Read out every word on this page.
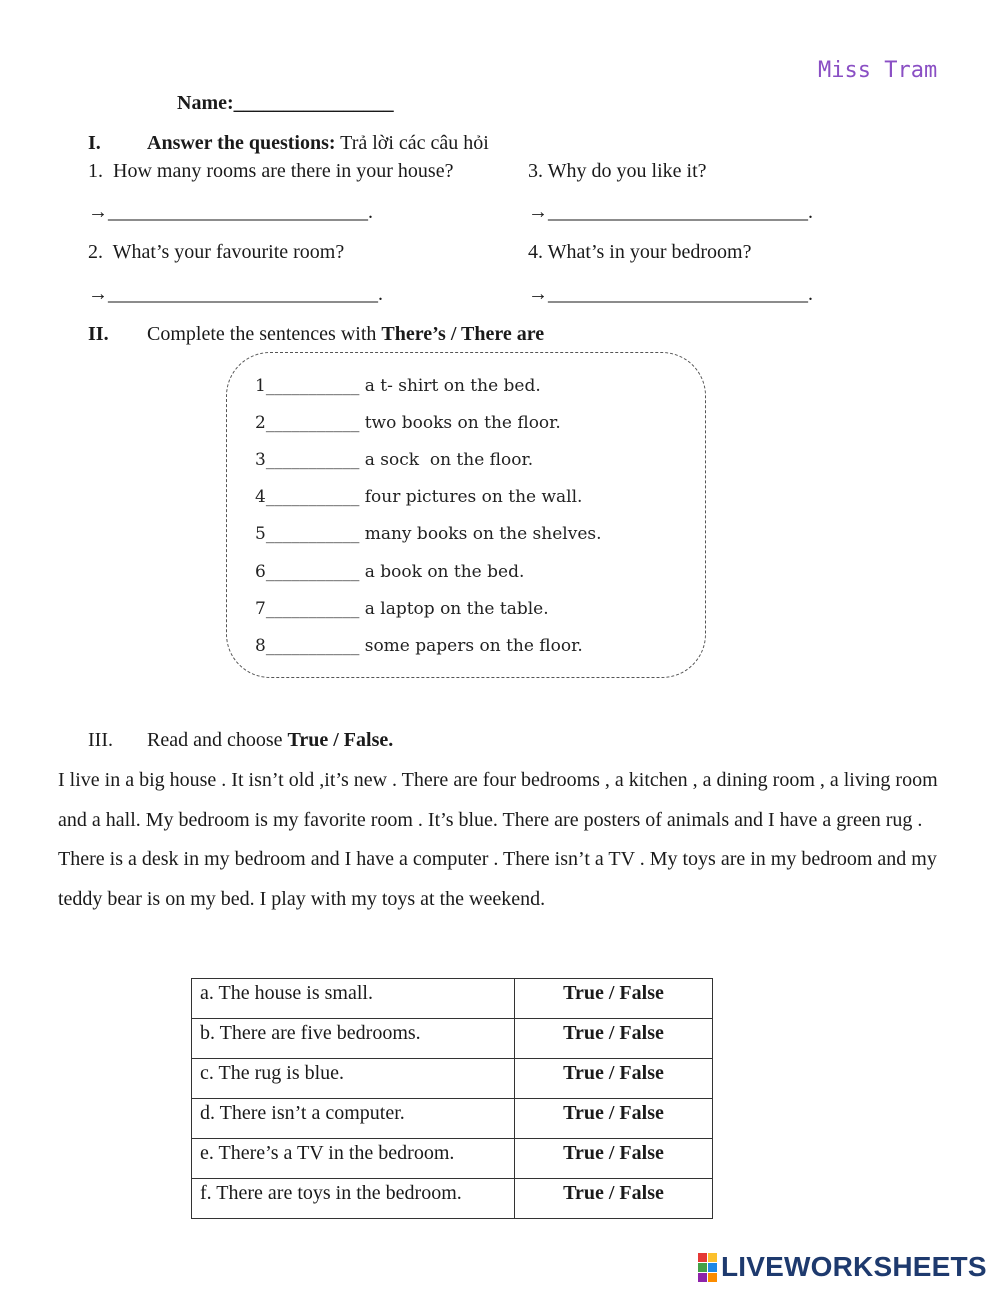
Miss Tram
Name:________________
I. Answer the questions: Trả lời các câu hỏi
1.  How many rooms are there in your house?	3. Why do you like it?
→__________________________.	→__________________________.
2.  What’s your favourite room?	4. What’s in your bedroom?
→___________________________.	→__________________________.
II. Complete the sentences with There’s / There are
1___________ a t- shirt on the bed.
2___________ two books on the floor.
3___________ a sock  on the floor.
4___________ four pictures on the wall.
5___________ many books on the shelves.
6___________ a book on the bed.
7___________ a laptop on the table.
8___________ some papers on the floor.
III. Read and choose True / False.
I live in a big house . It isn’t old ,it’s new . There are four bedrooms , a kitchen , a dining room , a living room and a hall. My bedroom is my favorite room . It’s blue. There are posters of animals and I have a green rug . There is a desk in my bedroom and I have a computer . There isn’t a TV . My toys are in my bedroom and my teddy bear is on my bed. I play with my toys at the weekend.
a. The house is small.	True / False
b. There are five bedrooms.	True / False
c. The rug is blue.	True / False
d. There isn’t a computer.	True / False
e. There’s a TV in the bedroom.	True / False
f. There are toys in the bedroom.	True / False
LIVEWORKSHEETS
